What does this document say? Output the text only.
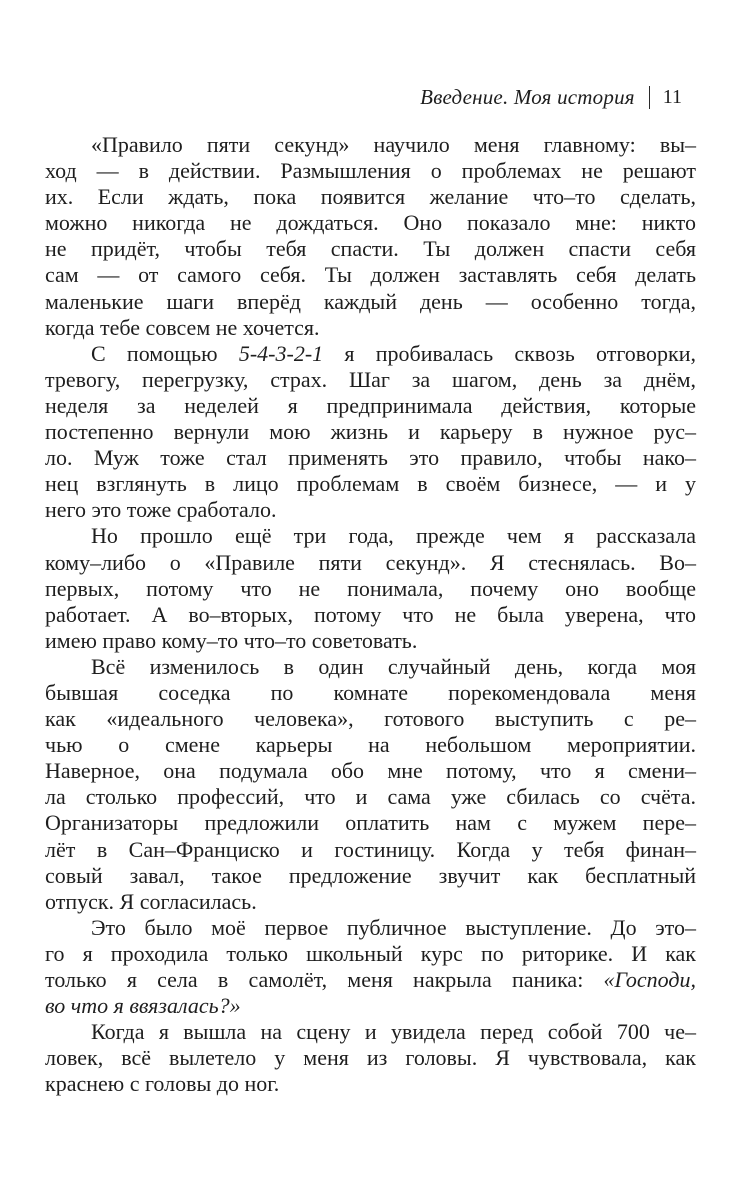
Введение. Моя история 11
«Правило пяти секунд» научило меня главному: вы–
ход — в действии. Размышления о проблемах не решают
их. Если ждать, пока появится желание что–то сделать,
можно никогда не дождаться. Оно показало мне: никто
не придёт, чтобы тебя спасти. Ты должен спасти себя
сам — от самого себя. Ты должен заставлять себя делать
маленькие шаги вперёд каждый день — особенно тогда,
когда тебе совсем не хочется.
С помощью 5-4-3-2-1 я пробивалась сквозь отговорки,
тревогу, перегрузку, страх. Шаг за шагом, день за днём,
неделя за неделей я предпринимала действия, которые
постепенно вернули мою жизнь и карьеру в нужное рус–
ло. Муж тоже стал применять это правило, чтобы нако–
нец взглянуть в лицо проблемам в своём бизнесе, — и у
него это тоже сработало.
Но прошло ещё три года, прежде чем я рассказала
кому–либо о «Правиле пяти секунд». Я стеснялась. Во–
первых, потому что не понимала, почему оно вообще
работает. А во–вторых, потому что не была уверена, что
имею право кому–то что–то советовать.
Всё изменилось в один случайный день, когда моя
бывшая соседка по комнате порекомендовала меня
как «идеального человека», готового выступить с ре–
чью о смене карьеры на небольшом мероприятии.
Наверное, она подумала обо мне потому, что я смени–
ла столько профессий, что и сама уже сбилась со счёта.
Организаторы предложили оплатить нам с мужем пере–
лёт в Сан–Франциско и гостиницу. Когда у тебя финан–
совый завал, такое предложение звучит как бесплатный
отпуск. Я согласилась.
Это было моё первое публичное выступление. До это–
го я проходила только школьный курс по риторике. И как
только я села в самолёт, меня накрыла паника: «Господи,
во что я ввязалась?»
Когда я вышла на сцену и увидела перед собой 700 че–
ловек, всё вылетело у меня из головы. Я чувствовала, как
краснею с головы до ног.
